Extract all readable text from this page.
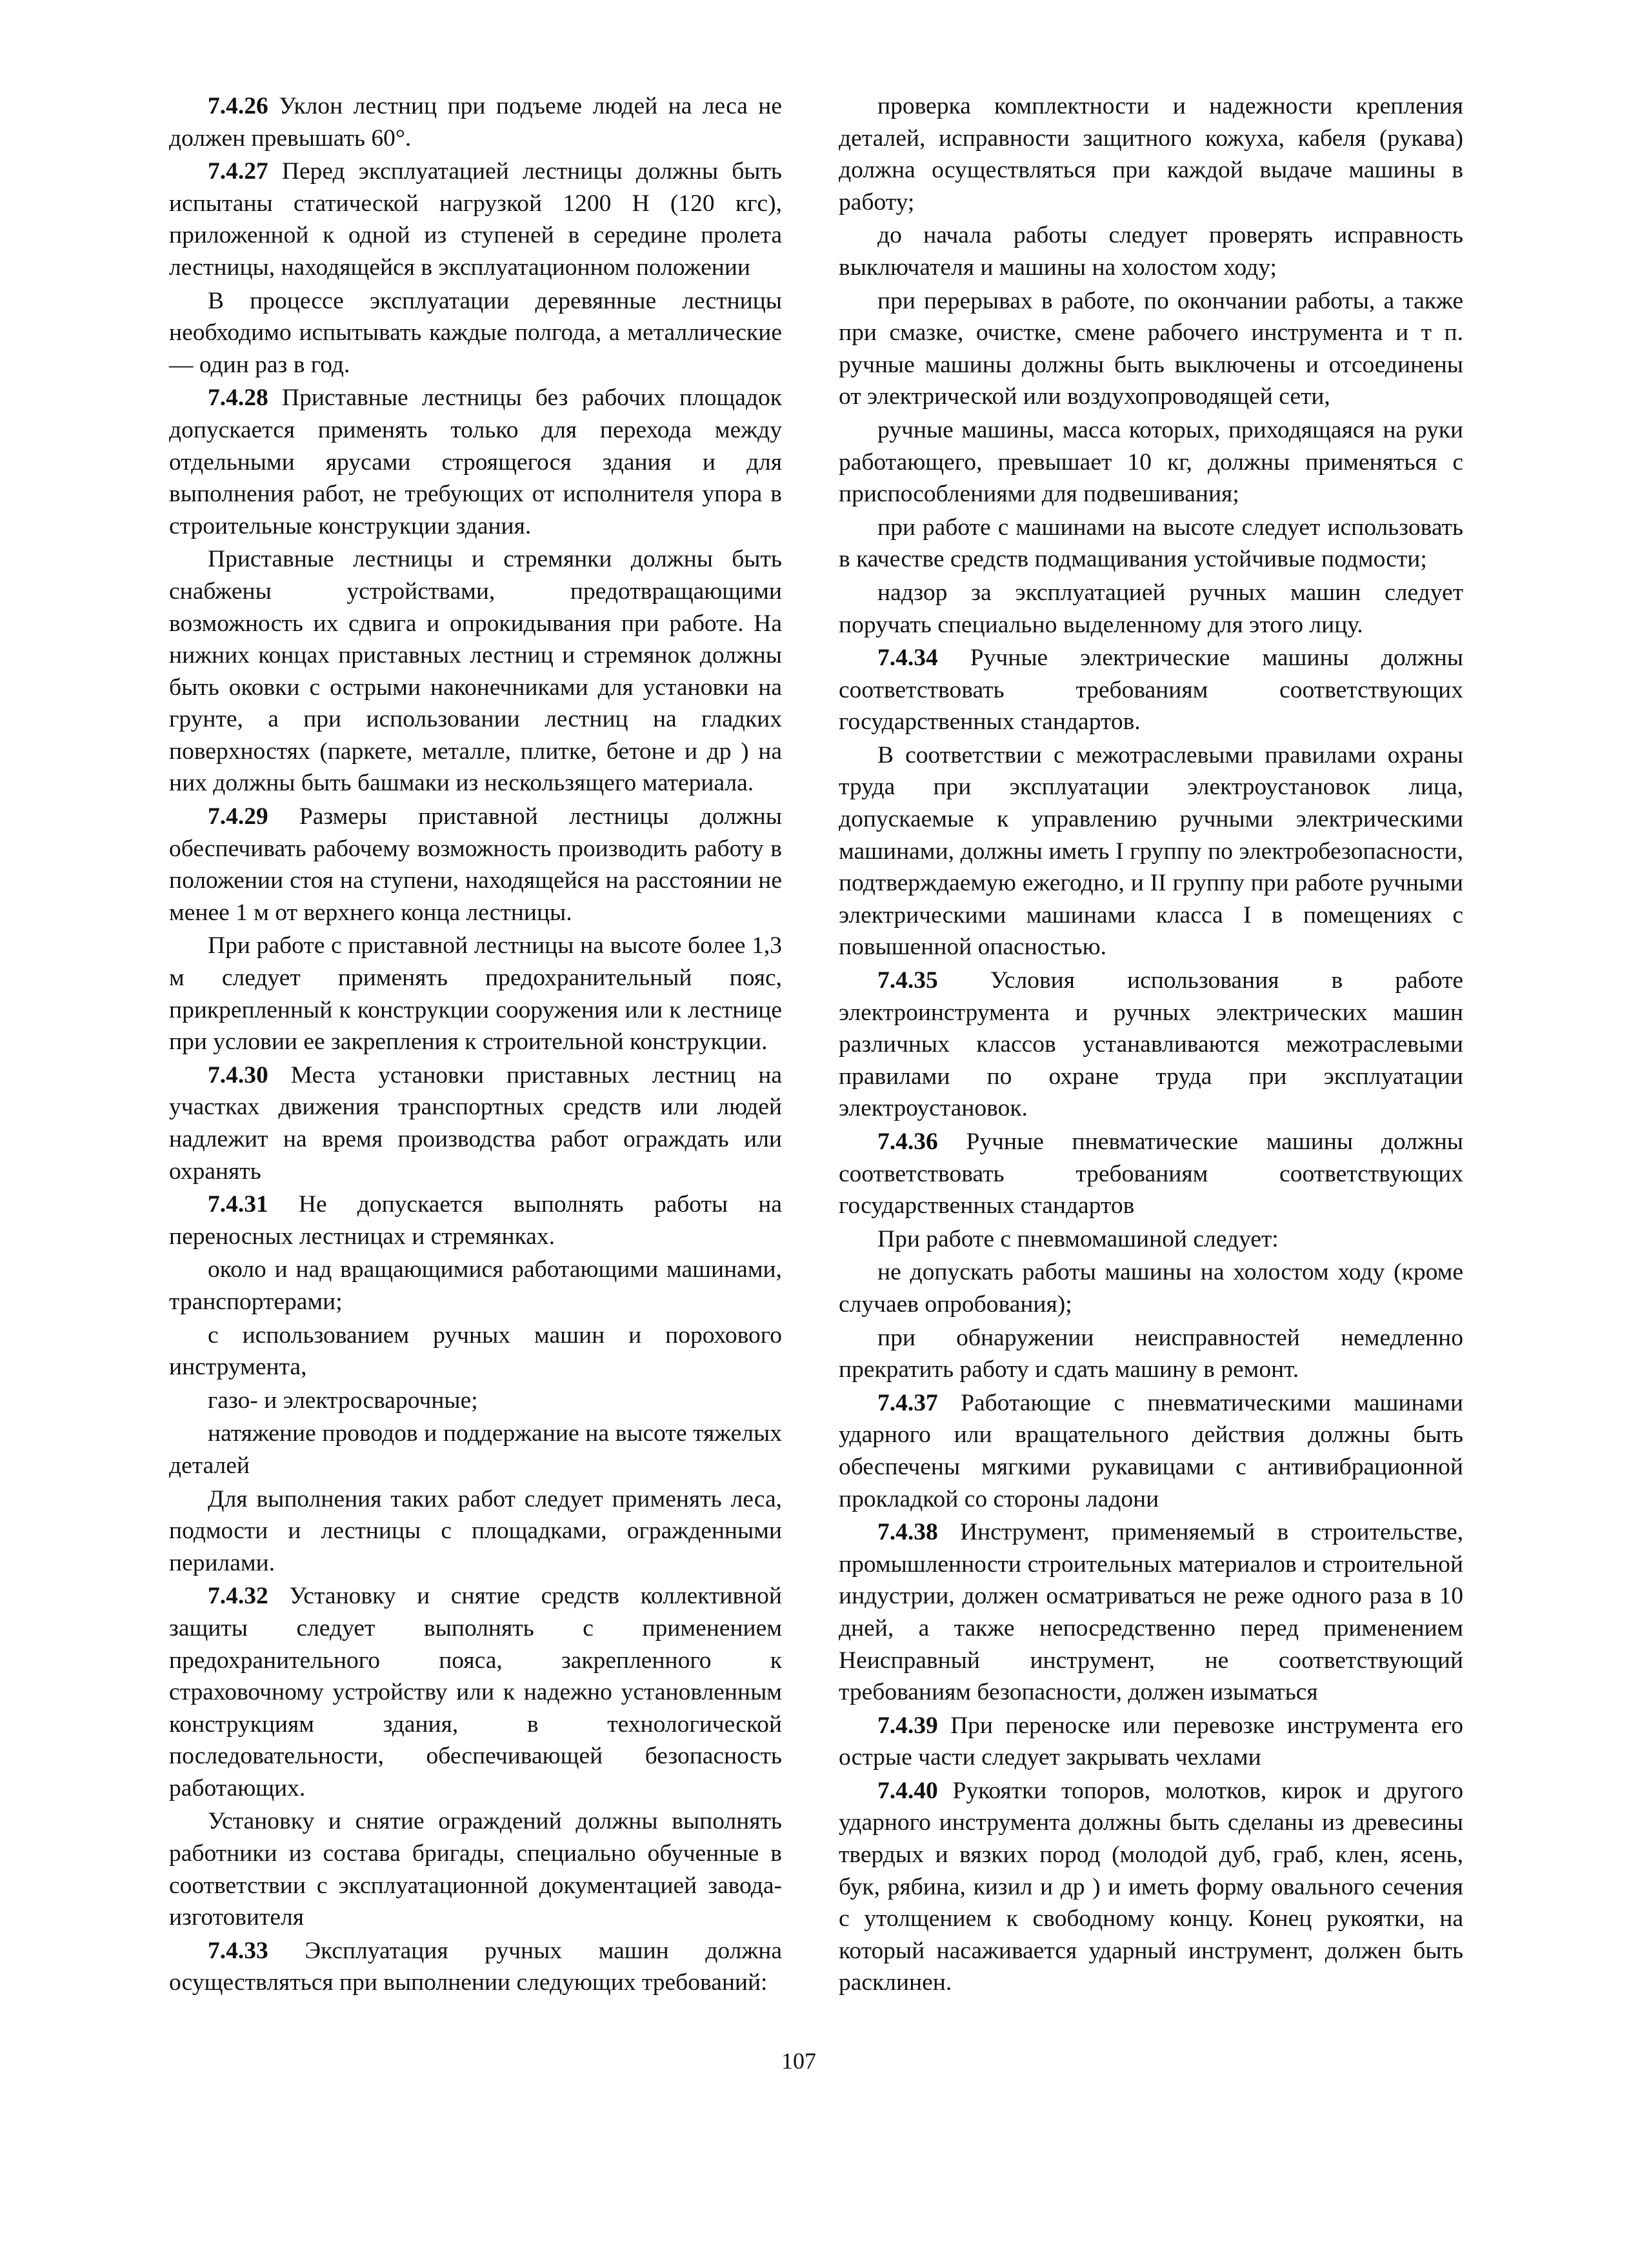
7.4.26 Уклон лестниц при подъеме людей на леса не должен превышать 60°.

7.4.27 Перед эксплуатацией лестницы должны быть испытаны статической нагрузкой 1200 Н (120 кгс), приложенной к одной из ступеней в середине пролета лестницы, находящейся в эксплуатационном положении

В процессе эксплуатации деревянные лестницы необходимо испытывать каждые полгода, а металлические — один раз в год.

7.4.28 Приставные лестницы без рабочих площадок допускается применять только для перехода между отдельными ярусами строящегося здания и для выполнения работ, не требующих от исполнителя упора в строительные конструкции здания.

Приставные лестницы и стремянки должны быть снабжены устройствами, предотвращающими возможность их сдвига и опрокидывания при работе. На нижних концах приставных лестниц и стремянок должны быть оковки с острыми наконечниками для установки на грунте, а при использовании лестниц на гладких поверхностях (паркете, металле, плитке, бетоне и др ) на них должны быть башмаки из нескользящего материала.

7.4.29 Размеры приставной лестницы должны обеспечивать рабочему возможность производить работу в положении стоя на ступени, находящейся на расстоянии не менее 1 м от верхнего конца лестницы.

При работе с приставной лестницы на высоте более 1,3 м следует применять предохранительный пояс, прикрепленный к конструкции сооружения или к лестнице при условии ее закрепления к строительной конструкции.

7.4.30 Места установки приставных лестниц на участках движения транспортных средств или людей надлежит на время производства работ ограждать или охранять

7.4.31 Не допускается выполнять работы на переносных лестницах и стремянках.

около и над вращающимися работающими машинами, транспортерами;

с использованием ручных машин и порохового инструмента,

газо- и электросварочные;

натяжение проводов и поддержание на высоте тяжелых деталей

Для выполнения таких работ следует применять леса, подмости и лестницы с площадками, огражденными перилами.

7.4.32 Установку и снятие средств коллективной защиты следует выполнять с применением предохранительного пояса, закрепленного к страховочному устройству или к надежно установленным конструкциям здания, в технологической последовательности, обеспечивающей безопасность работающих.

Установку и снятие ограждений должны выполнять работники из состава бригады, специально обученные в соответствии с эксплуатационной документацией завода-изготовителя

7.4.33 Эксплуатация ручных машин должна осуществляться при выполнении следующих требований:

проверка комплектности и надежности крепления деталей, исправности защитного кожуха, кабеля (рукава) должна осуществляться при каждой выдаче машины в работу;

до начала работы следует проверять исправность выключателя и машины на холостом ходу;

при перерывах в работе, по окончании работы, а также при смазке, очистке, смене рабочего инструмента и т п. ручные машины должны быть выключены и отсоединены от электрической или воздухопроводящей сети,

ручные машины, масса которых, приходящаяся на руки работающего, превышает 10 кг, должны применяться с приспособлениями для подвешивания;

при работе с машинами на высоте следует использовать в качестве средств подмащивания устойчивые подмости;

надзор за эксплуатацией ручных машин следует поручать специально выделенному для этого лицу.

7.4.34 Ручные электрические машины должны соответствовать требованиям соответствующих государственных стандартов.

В соответствии с межотраслевыми правилами охраны труда при эксплуатации электроустановок лица, допускаемые к управлению ручными электрическими машинами, должны иметь I группу по электробезопасности, подтверждаемую ежегодно, и II группу при работе ручными электрическими машинами класса I в помещениях с повышенной опасностью.

7.4.35 Условия использования в работе электроинструмента и ручных электрических машин различных классов устанавливаются межотраслевыми правилами по охране труда при эксплуатации электроустановок.

7.4.36 Ручные пневматические машины должны соответствовать требованиям соответствующих государственных стандартов

При работе с пневмомашиной следует:

не допускать работы машины на холостом ходу (кроме случаев опробования);

при обнаружении неисправностей немедленно прекратить работу и сдать машину в ремонт.

7.4.37 Работающие с пневматическими машинами ударного или вращательного действия должны быть обеспечены мягкими рукавицами с антивибрационной прокладкой со стороны ладони

7.4.38 Инструмент, применяемый в строительстве, промышленности строительных материалов и строительной индустрии, должен осматриваться не реже одного раза в 10 дней, а также непосредственно перед применением Неисправный инструмент, не соответствующий требованиям безопасности, должен изыматься

7.4.39 При переноске или перевозке инструмента его острые части следует закрывать чехлами

7.4.40 Рукоятки топоров, молотков, кирок и другого ударного инструмента должны быть сделаны из древесины твердых и вязких пород (молодой дуб, граб, клен, ясень, бук, рябина, кизил и др ) и иметь форму овального сечения с утолщением к свободному концу. Конец рукоятки, на который насаживается ударный инструмент, должен быть расклинен.

107
